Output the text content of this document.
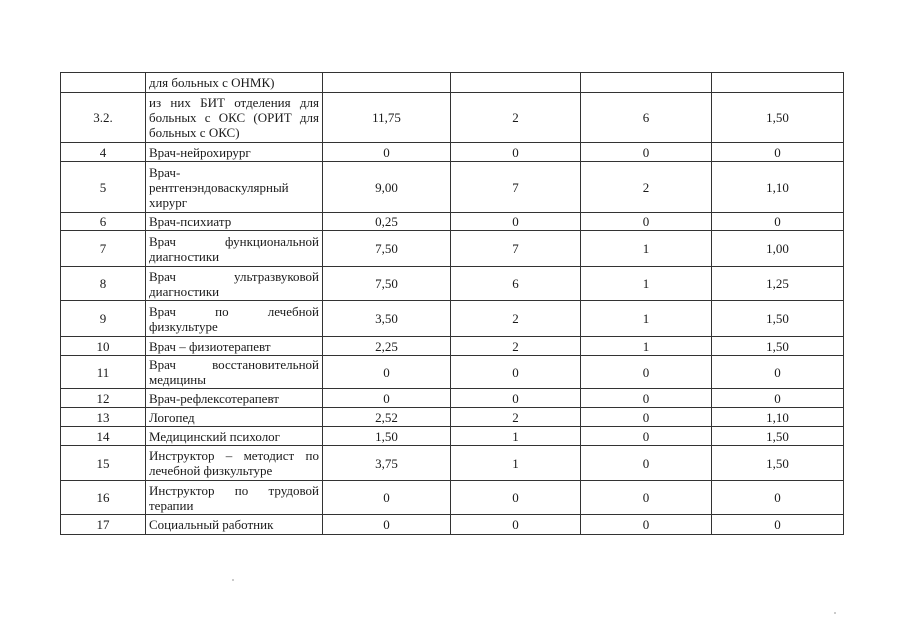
	для больных с ОНМК)				
3.2.	из них БИТ отделения для больных с ОКС (ОРИТ для больных с ОКС)	11,75	2	6	1,50
4	Врач-нейрохирург	0	0	0	0
5	Врач-рентгенэндоваскулярный хирург	9,00	7	2	1,10
6	Врач-психиатр	0,25	0	0	0
7	Врач функциональной диагностики	7,50	7	1	1,00
8	Врач ультразвуковой диагностики	7,50	6	1	1,25
9	Врач по лечебной физкультуре	3,50	2	1	1,50
10	Врач – физиотерапевт	2,25	2	1	1,50
11	Врач восстановительной медицины	0	0	0	0
12	Врач-рефлексотерапевт	0	0	0	0
13	Логопед	2,52	2	0	1,10
14	Медицинский психолог	1,50	1	0	1,50
15	Инструктор – методист по лечебной физкультуре	3,75	1	0	1,50
16	Инструктор по трудовой терапии	0	0	0	0
17	Социальный работник	0	0	0	0
